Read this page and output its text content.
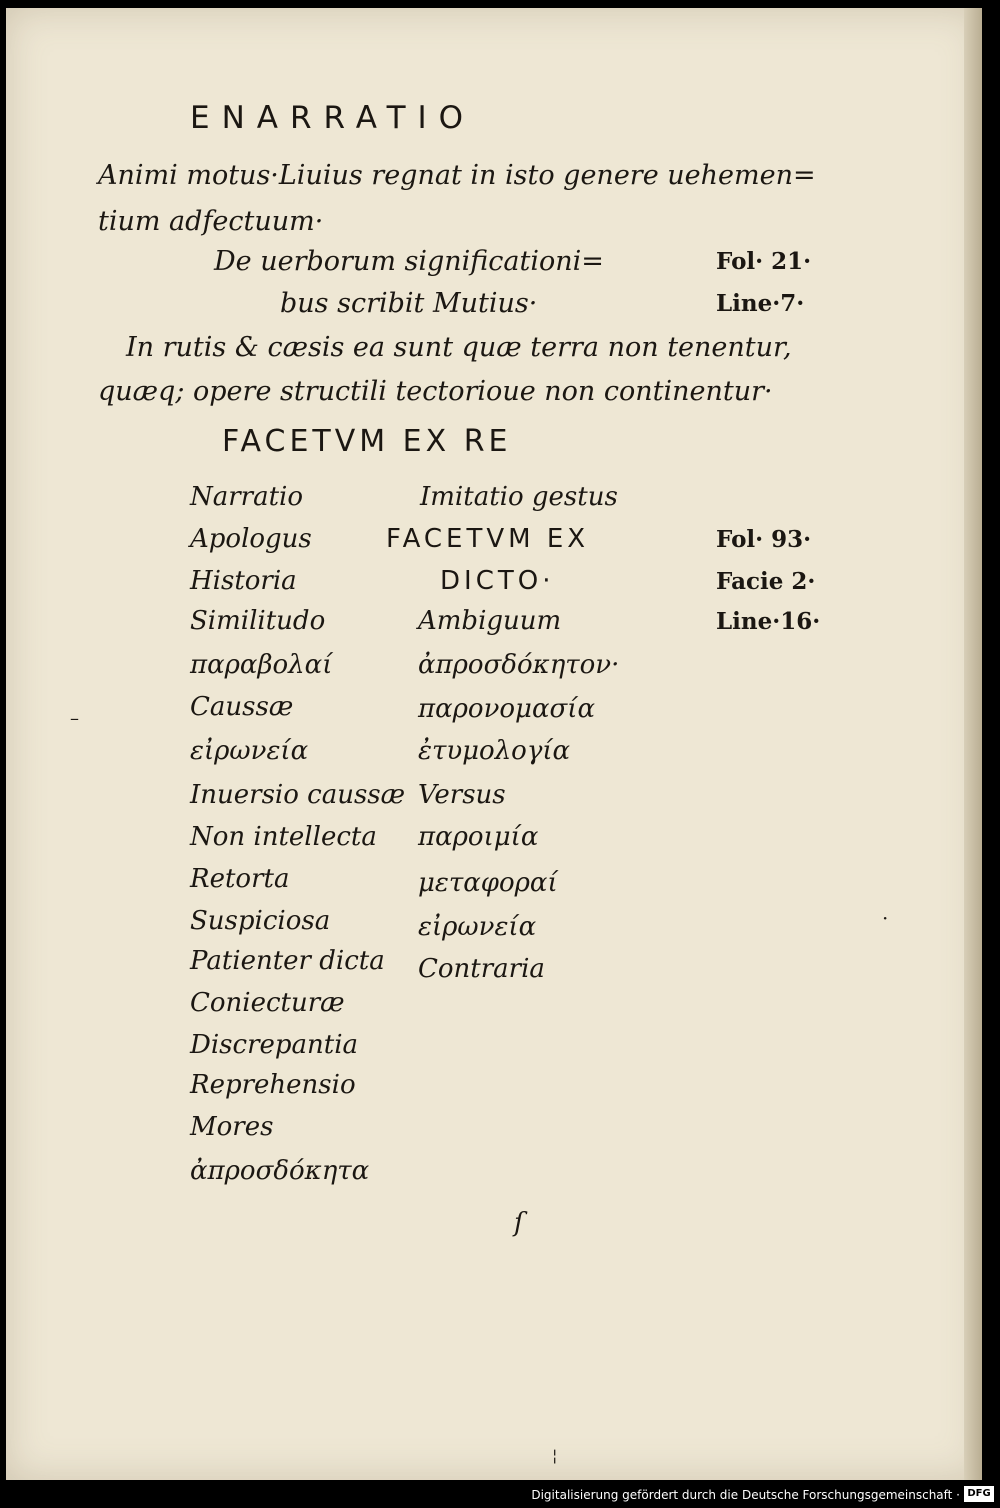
ENARRATIO
Animi motus·Liuius regnat in isto genere uehemen=
tium adfectuum·
De uerborum significationi=
bus scribit Mutius·
In rutis & cæsis ea sunt quæ terra non tenentur,
quæq; opere structili tectorioue non continentur·
Fol· 21·
Line·7·
FACETVM EX RE
Narratio
Apologus
Historia
Similitudo
παραβολαί
Caussæ
εἰρωνεία
Inuersio caussæ
Non intellecta
Retorta
Suspiciosa
Patienter dicta
Coniecturæ
Discrepantia
Reprehensio
Mores
ἀπροσδόκητα
Imitatio gestus
FACETVM EX
DICTO·
Ambiguum
ἀπροσδόκητον·
παρονομασία
ἐτυμολογία
Versus
παροιμία
μεταφοραί
εἰρωνεία
Contraria
Fol· 93·
Facie 2·
Line·16·
ſ
–
·
¦
Digitalisierung gefördert durch die Deutsche Forschungsgemeinschaft · DFG
